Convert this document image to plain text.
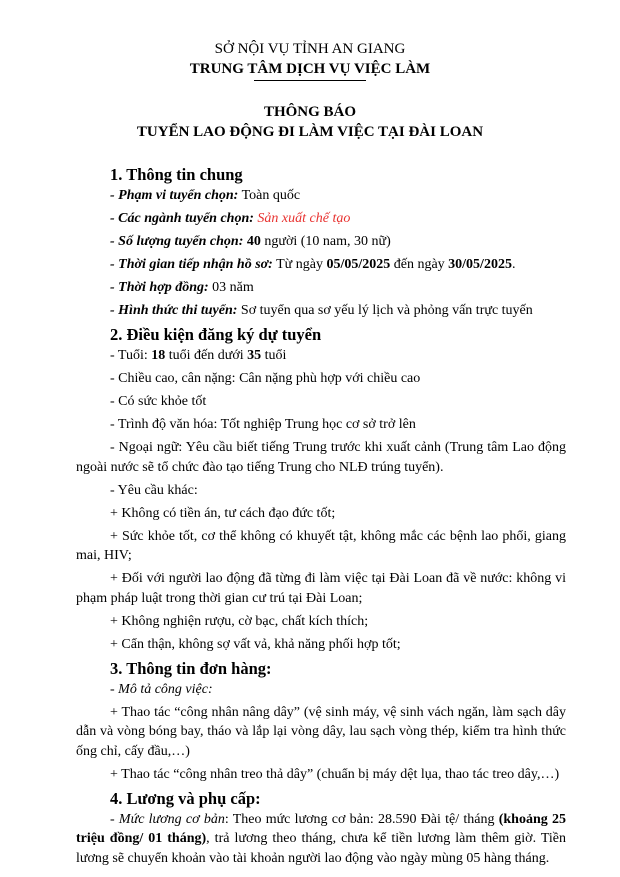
SỞ NỘI VỤ TỈNH AN GIANG
TRUNG TÂM DỊCH VỤ VIỆC LÀM
THÔNG BÁO
TUYỂN LAO ĐỘNG ĐI LÀM VIỆC TẠI ĐÀI LOAN
1. Thông tin chung
- Phạm vi tuyển chọn: Toàn quốc
- Các ngành tuyển chọn: Sản xuất chế tạo
- Số lượng tuyển chọn: 40 người (10 nam, 30 nữ)
- Thời gian tiếp nhận hồ sơ: Từ ngày 05/05/2025 đến ngày 30/05/2025.
- Thời hợp đồng: 03 năm
- Hình thức thi tuyển: Sơ tuyển qua sơ yếu lý lịch và phỏng vấn trực tuyến
2. Điều kiện đăng ký dự tuyển
- Tuổi: 18 tuổi đến dưới 35 tuổi
- Chiều cao, cân nặng: Cân nặng phù hợp với chiều cao
- Có sức khỏe tốt
- Trình độ văn hóa: Tốt nghiệp Trung học cơ sở trở lên
- Ngoại ngữ: Yêu cầu biết tiếng Trung trước khi xuất cảnh (Trung tâm Lao động ngoài nước sẽ tổ chức đào tạo tiếng Trung cho NLĐ trúng tuyển).
- Yêu cầu khác:
+ Không có tiền án, tư cách đạo đức tốt;
+ Sức khỏe tốt, cơ thể không có khuyết tật, không mắc các bệnh lao phổi, giang mai, HIV;
+ Đối với người lao động đã từng đi làm việc tại Đài Loan đã về nước: không vi phạm pháp luật trong thời gian cư trú tại Đài Loan;
+ Không nghiện rượu, cờ bạc, chất kích thích;
+ Cẩn thận, không sợ vất vả, khả năng phối hợp tốt;
3. Thông tin đơn hàng:
- Mô tả công việc:
+ Thao tác “công nhân nâng dây” (vệ sinh máy, vệ sinh vách ngăn, làm sạch dây dẫn và vòng bóng bay, tháo và lắp lại vòng dây, lau sạch vòng thép, kiểm tra hình thức ống chỉ, cấy đầu,…)
+ Thao tác “công nhân treo thả dây” (chuẩn bị máy dệt lụa, thao tác treo dây,…)
4. Lương và phụ cấp:
- Mức lương cơ bản: Theo mức lương cơ bản: 28.590 Đài tệ/ tháng (khoảng 25 triệu đồng/ 01 tháng), trả lương theo tháng, chưa kể tiền lương làm thêm giờ. Tiền lương sẽ chuyển khoản vào tài khoản người lao động vào ngày mùng 05 hàng tháng.
